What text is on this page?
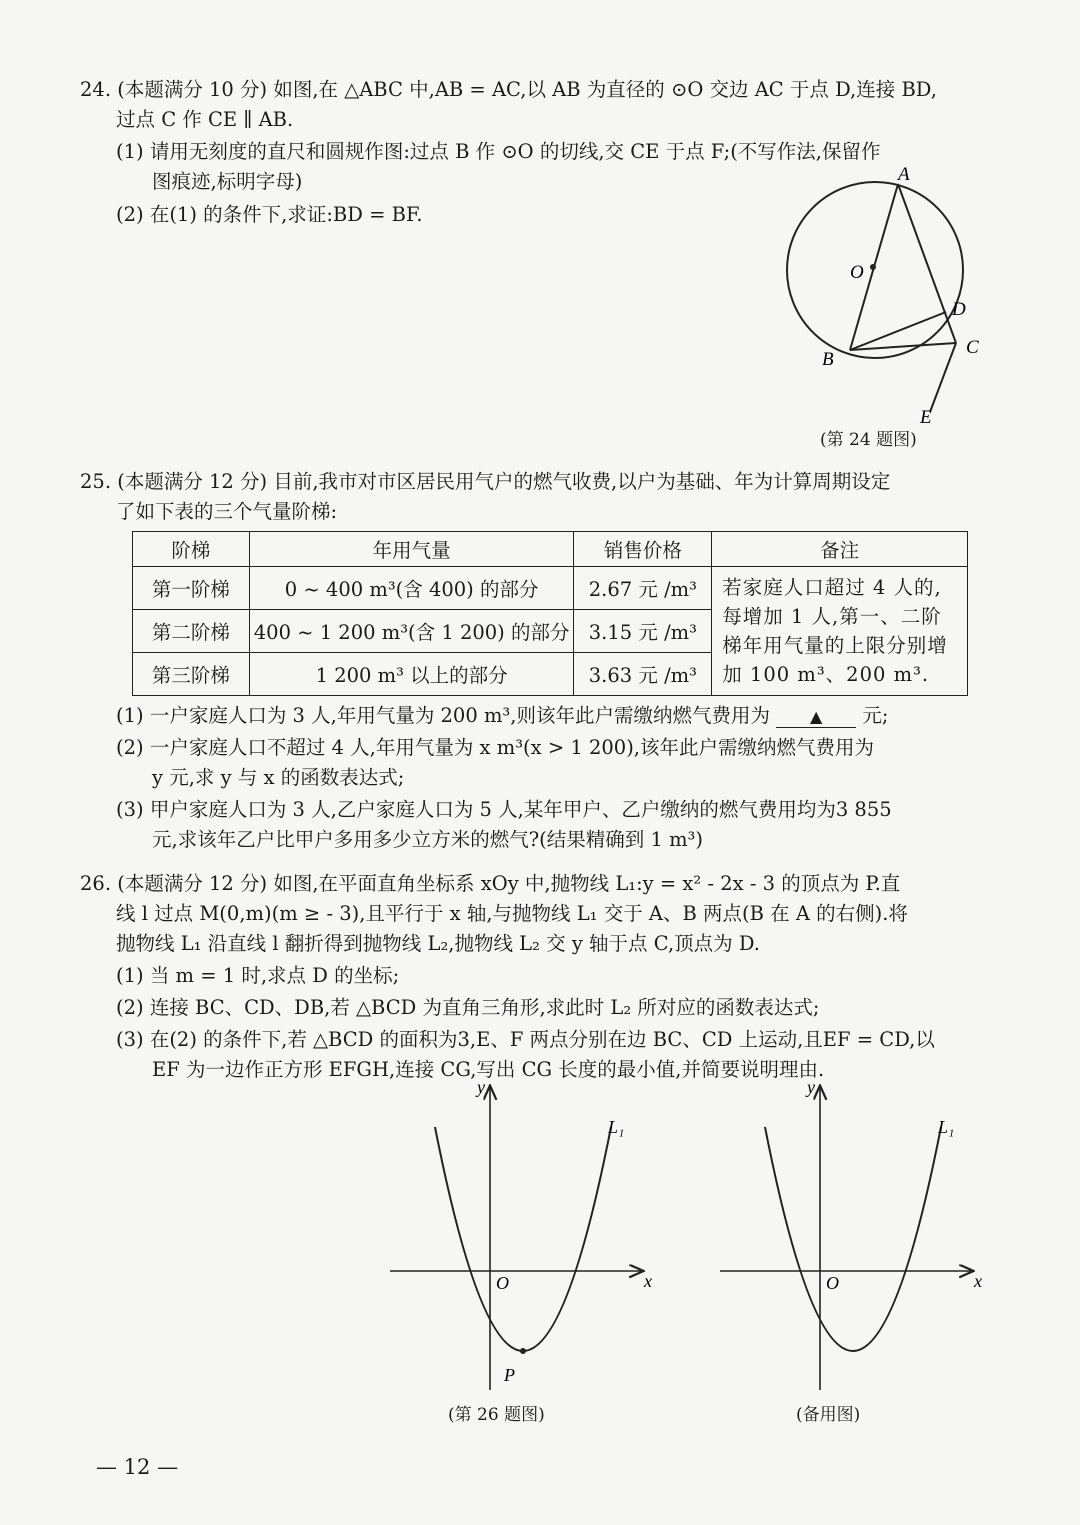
24. (本题满分 10 分) 如图,在 △ABC 中,AB = AC,以 AB 为直径的 ⊙O 交边 AC 于点 D,连接 BD,
过点 C 作 CE ∥ AB.
(1) 请用无刻度的直尺和圆规作图:过点 B 作 ⊙O 的切线,交 CE 于点 F;(不写作法,保留作
图痕迹,标明字母)
(2) 在(1) 的条件下,求证:BD = BF.
A
O
D
B
C
E
(第 24 题图)
25. (本题满分 12 分) 目前,我市对市区居民用气户的燃气收费,以户为基础、年为计算周期设定
了如下表的三个气量阶梯:
阶梯	年用气量	销售价格	备注
第一阶梯	0 ~ 400 m³(含 400) 的部分	2.67 元 /m³	若家庭人口超过 4 人的,每增加 1 人,第一、二阶梯年用气量的上限分别增加 100 m³、200 m³.
第二阶梯	400 ~ 1 200 m³(含 1 200) 的部分	3.15 元 /m³	
第三阶梯	1 200 m³ 以上的部分	3.63 元 /m³	
(1) 一户家庭人口为 3 人,年用气量为 200 m³,则该年此户需缴纳燃气费用为	▲ 元;
(2) 一户家庭人口不超过 4 人,年用气量为 x m³(x > 1 200),该年此户需缴纳燃气费用为
y 元,求 y 与 x 的函数表达式;
(3) 甲户家庭人口为 3 人,乙户家庭人口为 5 人,某年甲户、乙户缴纳的燃气费用均为3 855
元,求该年乙户比甲户多用多少立方米的燃气?(结果精确到 1 m³)
26. (本题满分 12 分) 如图,在平面直角坐标系 xOy 中,抛物线 L₁:y = x² - 2x - 3 的顶点为 P.直
线 l 过点 M(0,m)(m ≥ - 3),且平行于 x 轴,与抛物线 L₁ 交于 A、B 两点(B 在 A 的右侧).将
抛物线 L₁ 沿直线 l 翻折得到抛物线 L₂,抛物线 L₂ 交 y 轴于点 C,顶点为 D.
(1) 当 m = 1 时,求点 D 的坐标;
(2) 连接 BC、CD、DB,若 △BCD 为直角三角形,求此时 L₂ 所对应的函数表达式;
(3) 在(2) 的条件下,若 △BCD 的面积为3,E、F 两点分别在边 BC、CD 上运动,且EF = CD,以
EF 为一边作正方形 EFGH,连接 CG,写出 CG 长度的最小值,并简要说明理由.
y
x
O
L₁
P
(第 26 题图)
y
x
O
L₁
(备用图)
— 12 —
